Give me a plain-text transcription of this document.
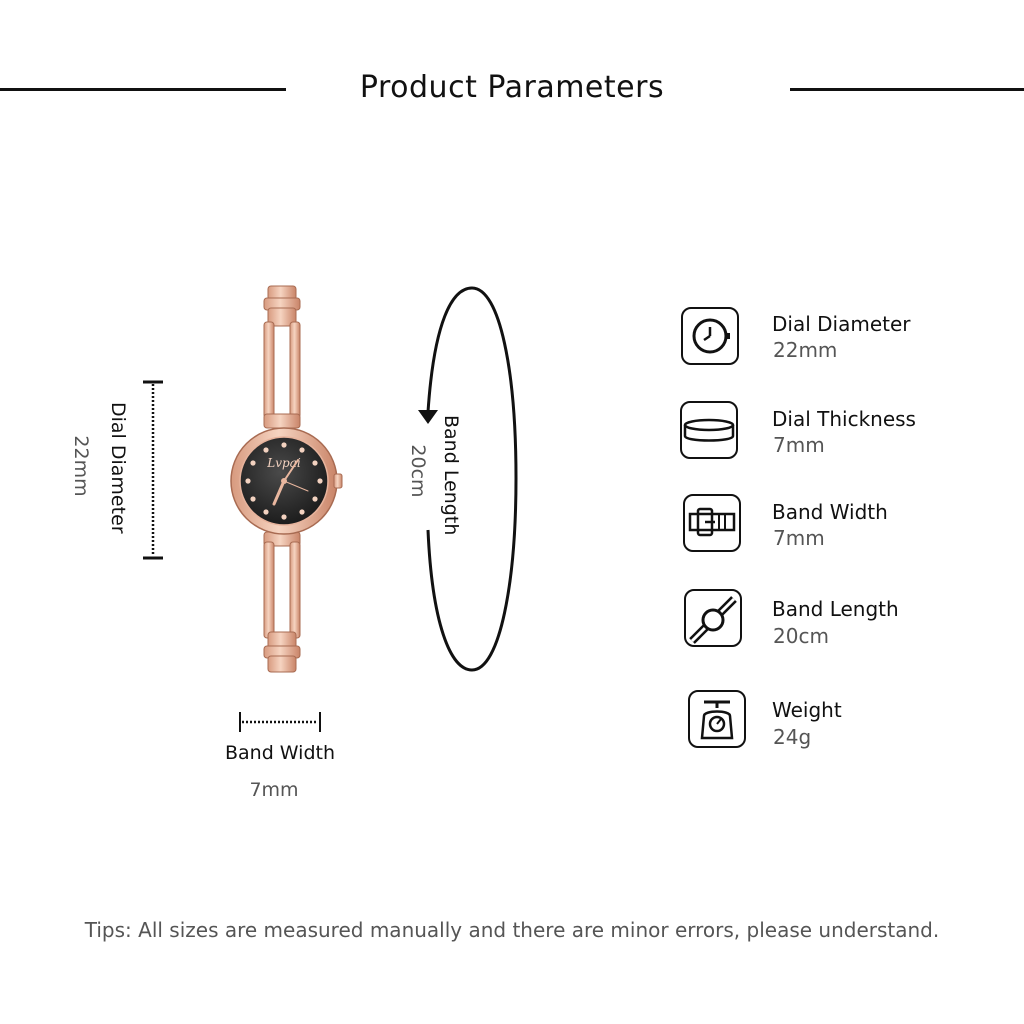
Product Parameters
Dial Diameter
22mm	Lvpai
Band Width
7mm
Band Length
20cm
Dial Diameter
22mm
Dial Thickness
7mm
Band Width
7mm
Band Length
20cm
Weight
24g
Tips: All sizes are measured manually and there are minor errors, please understand.
